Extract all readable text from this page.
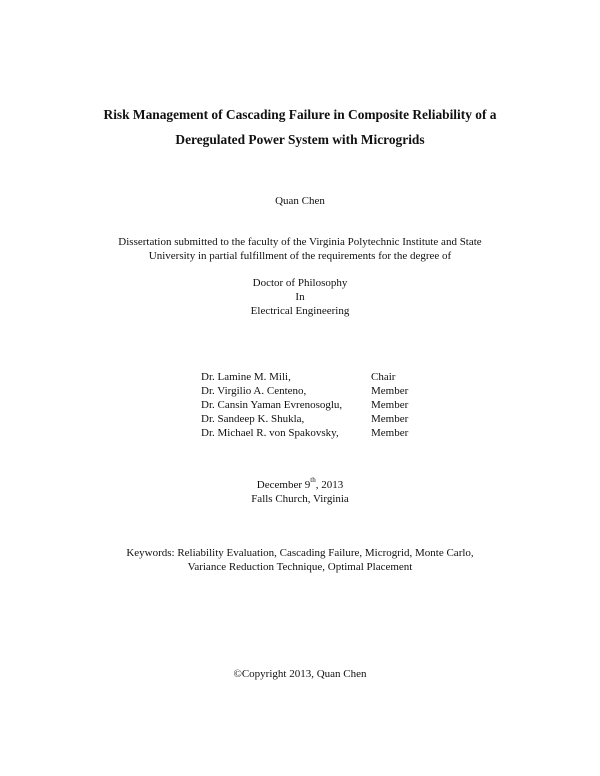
Risk Management of Cascading Failure in Composite Reliability of a
Deregulated Power System with Microgrids
Quan Chen
Dissertation submitted to the faculty of the Virginia Polytechnic Institute and State
University in partial fulfillment of the requirements for the degree of
Doctor of Philosophy
In
Electrical Engineering
Dr. Lamine M. Mili,	Chair
Dr. Virgilio A. Centeno,	Member
Dr. Cansin Yaman Evrenosoglu,	Member
Dr. Sandeep K. Shukla,	Member
Dr. Michael R. von Spakovsky,	Member
December 9th, 2013
Falls Church, Virginia
Keywords: Reliability Evaluation, Cascading Failure, Microgrid, Monte Carlo,
Variance Reduction Technique, Optimal Placement
©Copyright 2013, Quan Chen
